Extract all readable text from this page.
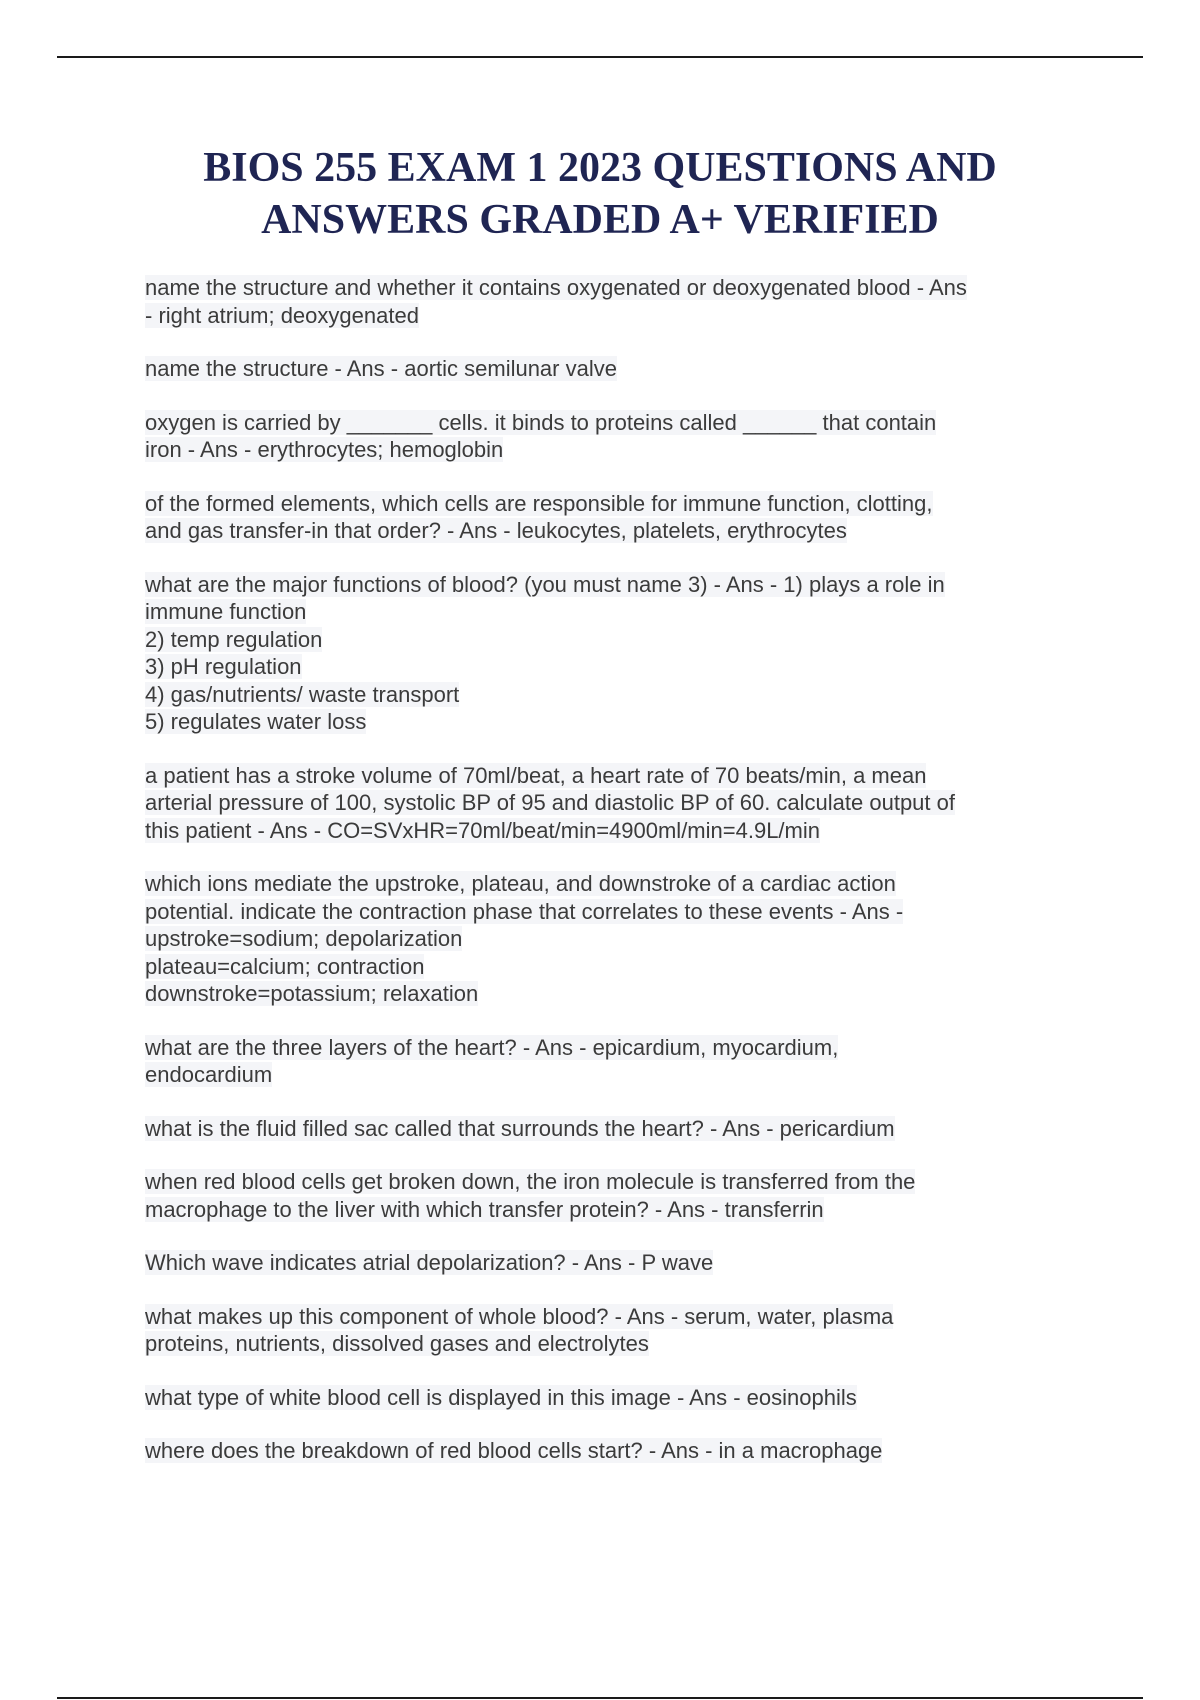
BIOS 255 EXAM 1 2023 QUESTIONS AND
ANSWERS GRADED A+ VERIFIED
name the structure and whether it contains oxygenated or deoxygenated blood - Ans
- right atrium; deoxygenated
name the structure - Ans - aortic semilunar valve
oxygen is carried by _______ cells. it binds to proteins called ______ that contain
iron - Ans - erythrocytes; hemoglobin
of the formed elements, which cells are responsible for immune function, clotting,
and gas transfer-in that order? - Ans - leukocytes, platelets, erythrocytes
what are the major functions of blood? (you must name 3) - Ans - 1) plays a role in
immune function
2) temp regulation
3) pH regulation
4) gas/nutrients/ waste transport
5) regulates water loss
a patient has a stroke volume of 70ml/beat, a heart rate of 70 beats/min, a mean
arterial pressure of 100, systolic BP of 95 and diastolic BP of 60. calculate output of
this patient - Ans - CO=SVxHR=70ml/beat/min=4900ml/min=4.9L/min
which ions mediate the upstroke, plateau, and downstroke of a cardiac action
potential. indicate the contraction phase that correlates to these events - Ans -
upstroke=sodium; depolarization
plateau=calcium; contraction
downstroke=potassium; relaxation
what are the three layers of the heart? - Ans - epicardium, myocardium,
endocardium
what is the fluid filled sac called that surrounds the heart? - Ans - pericardium
when red blood cells get broken down, the iron molecule is transferred from the
macrophage to the liver with which transfer protein? - Ans - transferrin
Which wave indicates atrial depolarization? - Ans - P wave
what makes up this component of whole blood? - Ans - serum, water, plasma
proteins, nutrients, dissolved gases and electrolytes
what type of white blood cell is displayed in this image - Ans - eosinophils
where does the breakdown of red blood cells start? - Ans - in a macrophage
